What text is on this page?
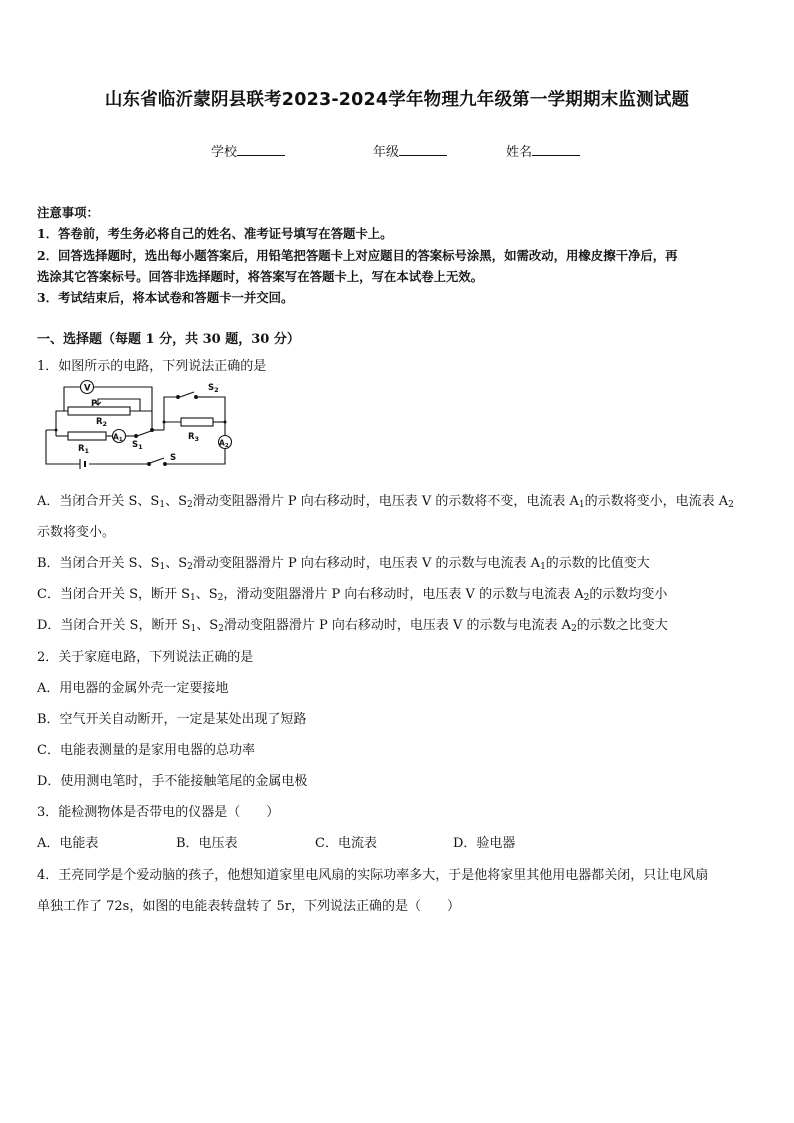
山东省临沂蒙阴县联考2023-2024学年物理九年级第一学期期末监测试题
学校	年级	姓名
注意事项：
1．答卷前，考生务必将自己的姓名、准考证号填写在答题卡上。
2．回答选择题时，选出每小题答案后，用铅笔把答题卡上对应题目的答案标号涂黑，如需改动，用橡皮擦干净后，再
选涂其它答案标号。回答非选择题时，将答案写在答题卡上，写在本试卷上无效。
3．考试结束后，将本试卷和答题卡一并交回。
一、选择题（每题 1 分，共 30 题，30 分）
1．如图所示的电路，下列说法正确的是
V
P
$R_2$
$R_1$
$R_3$
$A_1$	$A_2$
$S_1$
$S_2$
S
A．当闭合开关 S、$S_1$、$S_2$滑动变阻器滑片 P 向右移动时，电压表 V 的示数将不变，电流表 $A_1$的示数将变小，电流表 $A_2$
示数将变小。
B．当闭合开关 S、$S_1$、$S_2$滑动变阻器滑片 P 向右移动时，电压表 V 的示数与电流表 $A_1$的示数的比值变大
C．当闭合开关 S，断开 $S_1$、$S_2$，滑动变阻器滑片 P 向右移动时，电压表 V 的示数与电流表 $A_2$的示数均变小
D．当闭合开关 S，断开 $S_1$、$S_2$滑动变阻器滑片 P 向右移动时，电压表 V 的示数与电流表 $A_2$的示数之比变大
2．关于家庭电路，下列说法正确的是
A．用电器的金属外壳一定要接地
B．空气开关自动断开，一定是某处出现了短路
C．电能表测量的是家用电器的总功率
D．使用测电笔时，手不能接触笔尾的金属电极
3．能检测物体是否带电的仪器是（　　）
A．电能表	B．电压表	C．电流表	D．验电器
4．王亮同学是个爱动脑的孩子，他想知道家里电风扇的实际功率多大，于是他将家里其他用电器都关闭，只让电风扇
单独工作了 72s，如图的电能表转盘转了 5r，下列说法正确的是（　　）
